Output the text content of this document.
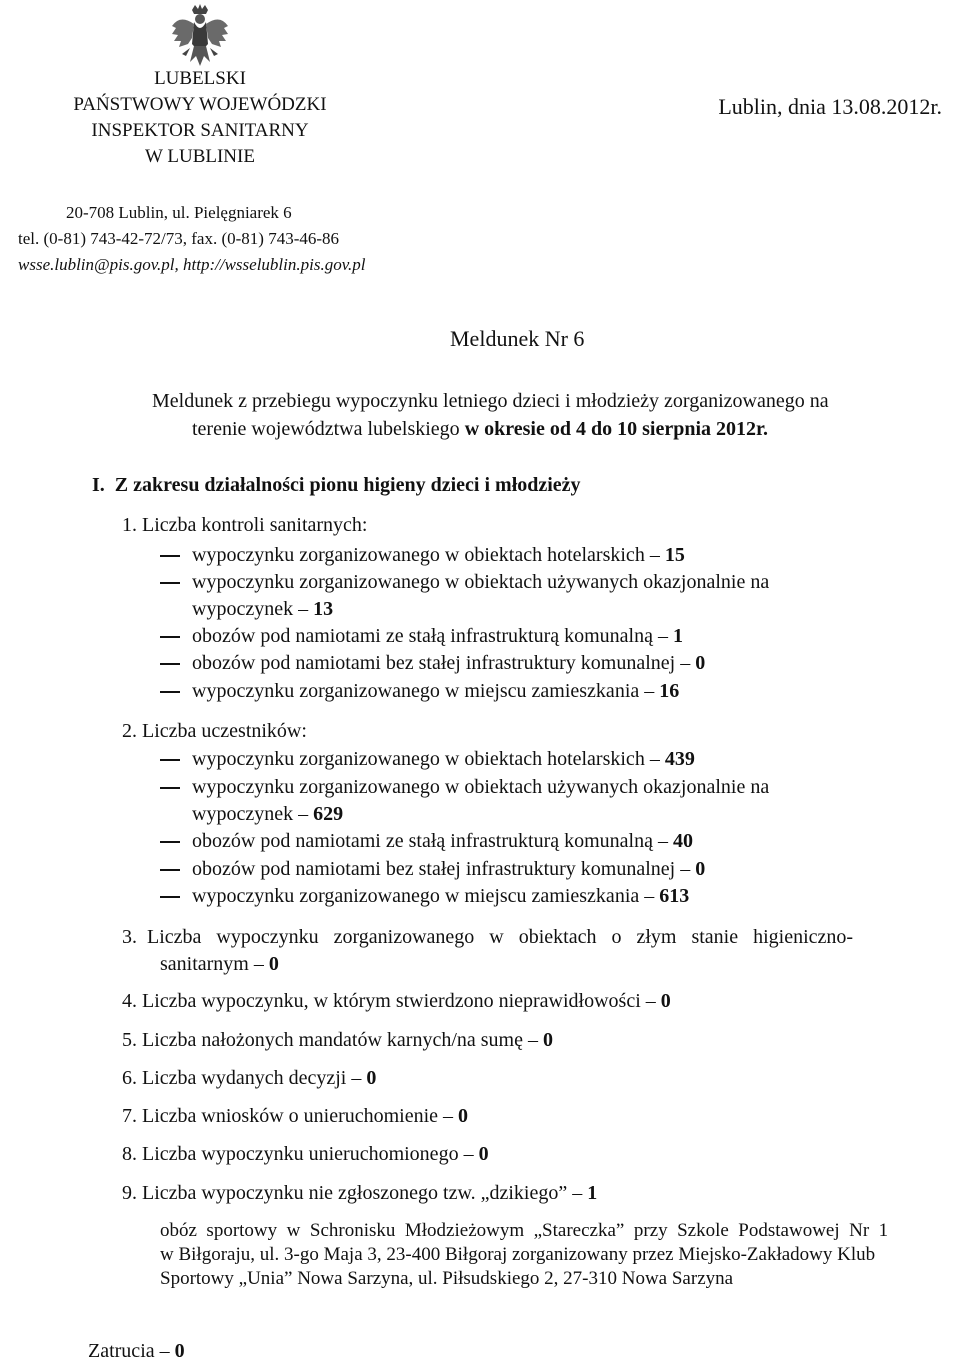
LUBELSKI
PAŃSTWOWY WOJEWÓDZKI
INSPEKTOR SANITARNY
W LUBLINIE
Lublin, dnia 13.08.2012r.
20-708 Lublin, ul. Pielęgniarek 6
tel. (0-81) 743-42-72/73, fax. (0-81) 743-46-86
wsse.lublin@pis.gov.pl, http://wsselublin.pis.gov.pl
Meldunek Nr 6
Meldunek z przebiegu wypoczynku letniego dzieci i młodzieży zorganizowanego na
terenie województwa lubelskiego w okresie od 4 do 10 sierpnia 2012r.
I. Z zakresu działalności pionu higieny dzieci i młodzieży
1. Liczba kontroli sanitarnych:
wypoczynku zorganizowanego w obiektach hotelarskich – 15
wypoczynku zorganizowanego w obiektach używanych okazjonalnie na
wypoczynek – 13
obozów pod namiotami ze stałą infrastrukturą komunalną – 1
obozów pod namiotami bez stałej infrastruktury komunalnej – 0
wypoczynku zorganizowanego w miejscu zamieszkania – 16
2. Liczba uczestników:
wypoczynku zorganizowanego w obiektach hotelarskich – 439
wypoczynku zorganizowanego w obiektach używanych okazjonalnie na
wypoczynek – 629
obozów pod namiotami ze stałą infrastrukturą komunalną – 40
obozów pod namiotami bez stałej infrastruktury komunalnej – 0
wypoczynku zorganizowanego w miejscu zamieszkania – 613
3.  Liczba   wypoczynku   zorganizowanego   w   obiektach   o   złym   stanie   higieniczno-
sanitarnym – 0
4. Liczba wypoczynku, w którym stwierdzono nieprawidłowości – 0
5. Liczba nałożonych mandatów karnych/na sumę – 0
6. Liczba wydanych decyzji – 0
7. Liczba wniosków o unieruchomienie – 0
8. Liczba wypoczynku unieruchomionego – 0
9. Liczba wypoczynku nie zgłoszonego tzw. „dzikiego” – 1
obóz  sportowy  w  Schronisku  Młodzieżowym  „Stareczka”  przy  Szkole  Podstawowej  Nr  1
w Biłgoraju, ul. 3-go Maja 3, 23-400 Biłgoraj zorganizowany przez Miejsko-Zakładowy Klub
Sportowy „Unia” Nowa Sarzyna, ul. Piłsudskiego 2, 27-310 Nowa Sarzyna
Zatrucia – 0
